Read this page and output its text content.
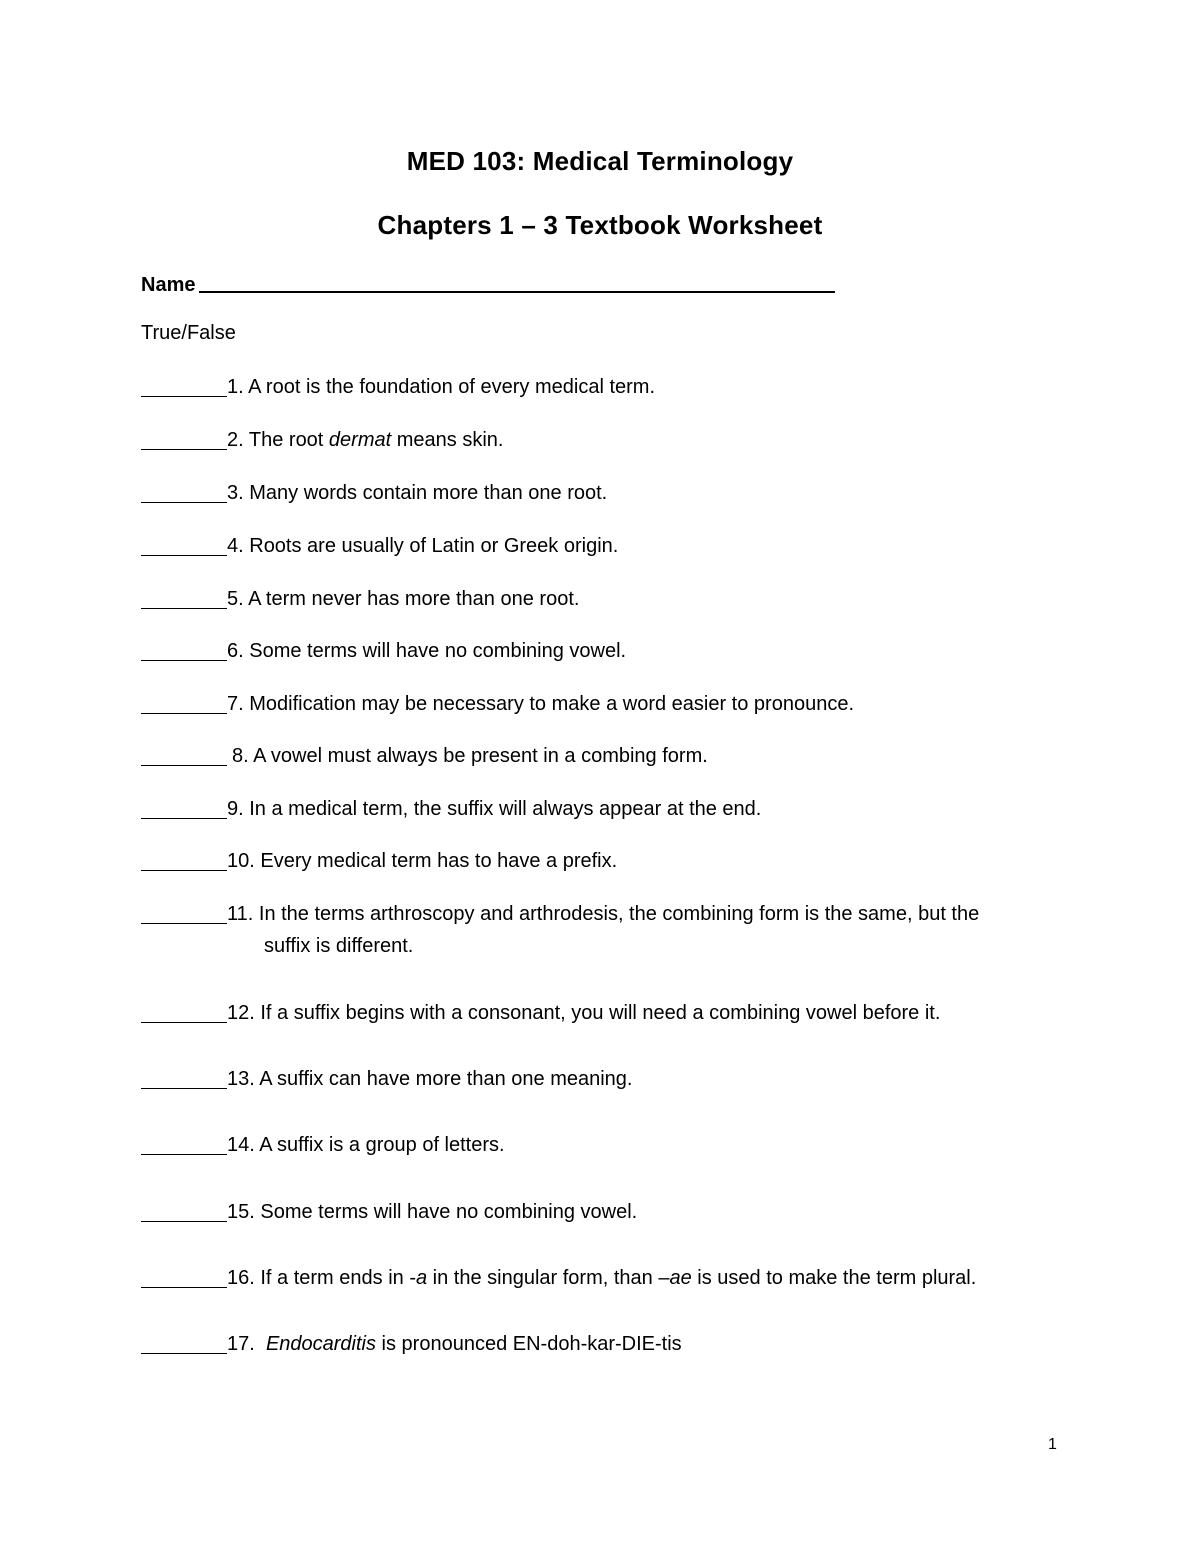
MED 103: Medical Terminology
Chapters 1 – 3 Textbook Worksheet
Name
True/False
1. A root is the foundation of every medical term.
2. The root dermat means skin.
3. Many words contain more than one root.
4. Roots are usually of Latin or Greek origin.
5. A term never has more than one root.
6. Some terms will have no combining vowel.
7. Modification may be necessary to make a word easier to pronounce.
8. A vowel must always be present in a combing form.
9. In a medical term, the suffix will always appear at the end.
10. Every medical term has to have a prefix.
11. In the terms arthroscopy and arthrodesis, the combining form is the same, but the
suffix is different.
12. If a suffix begins with a consonant, you will need a combining vowel before it.
13. A suffix can have more than one meaning.
14. A suffix is a group of letters.
15. Some terms will have no combining vowel.
16. If a term ends in -a in the singular form, than –ae is used to make the term plural.
17. Endocarditis is pronounced EN-doh-kar-DIE-tis
1
